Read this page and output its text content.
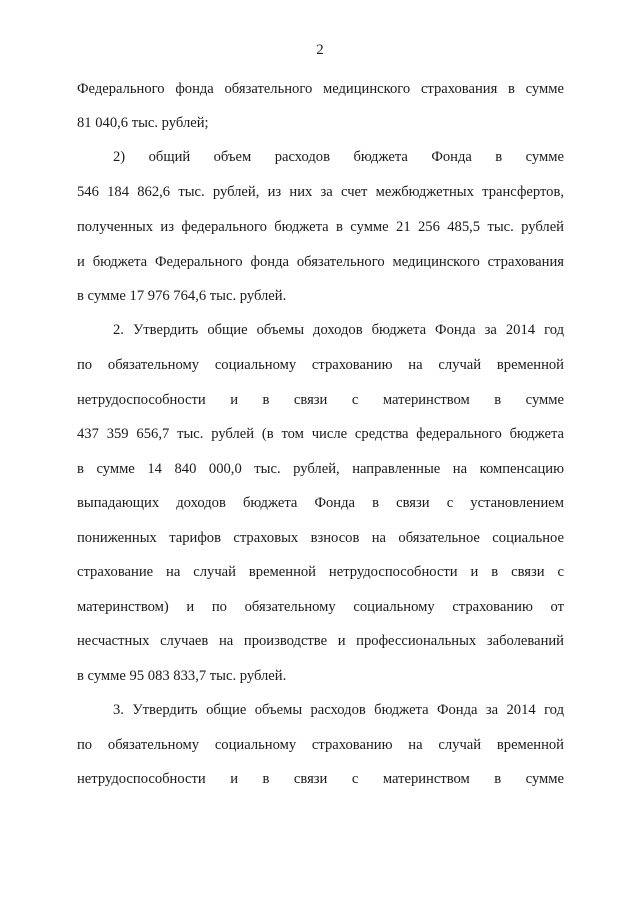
2
Федерального фонда обязательного медицинского страхования в сумме
81 040,6 тыс. рублей;
2) общий объем расходов бюджета Фонда в сумме
546 184 862,6 тыс. рублей, из них за счет межбюджетных трансфертов,
полученных из федерального бюджета в сумме 21 256 485,5 тыс. рублей
и бюджета Федерального фонда обязательного медицинского страхования
в сумме 17 976 764,6 тыс. рублей.
2. Утвердить общие объемы доходов бюджета Фонда за 2014 год
по обязательному социальному страхованию на случай временной
нетрудоспособности и в связи с материнством в сумме
437 359 656,7 тыс. рублей (в том числе средства федерального бюджета
в сумме 14 840 000,0 тыс. рублей, направленные на компенсацию
выпадающих доходов бюджета Фонда в связи с установлением
пониженных тарифов страховых взносов на обязательное социальное
страхование на случай временной нетрудоспособности и в связи с
материнством) и по обязательному социальному страхованию от
несчастных случаев на производстве и профессиональных заболеваний
в сумме 95 083 833,7 тыс. рублей.
3. Утвердить общие объемы расходов бюджета Фонда за 2014 год
по обязательному социальному страхованию на случай временной
нетрудоспособности и в связи с материнством в сумме
